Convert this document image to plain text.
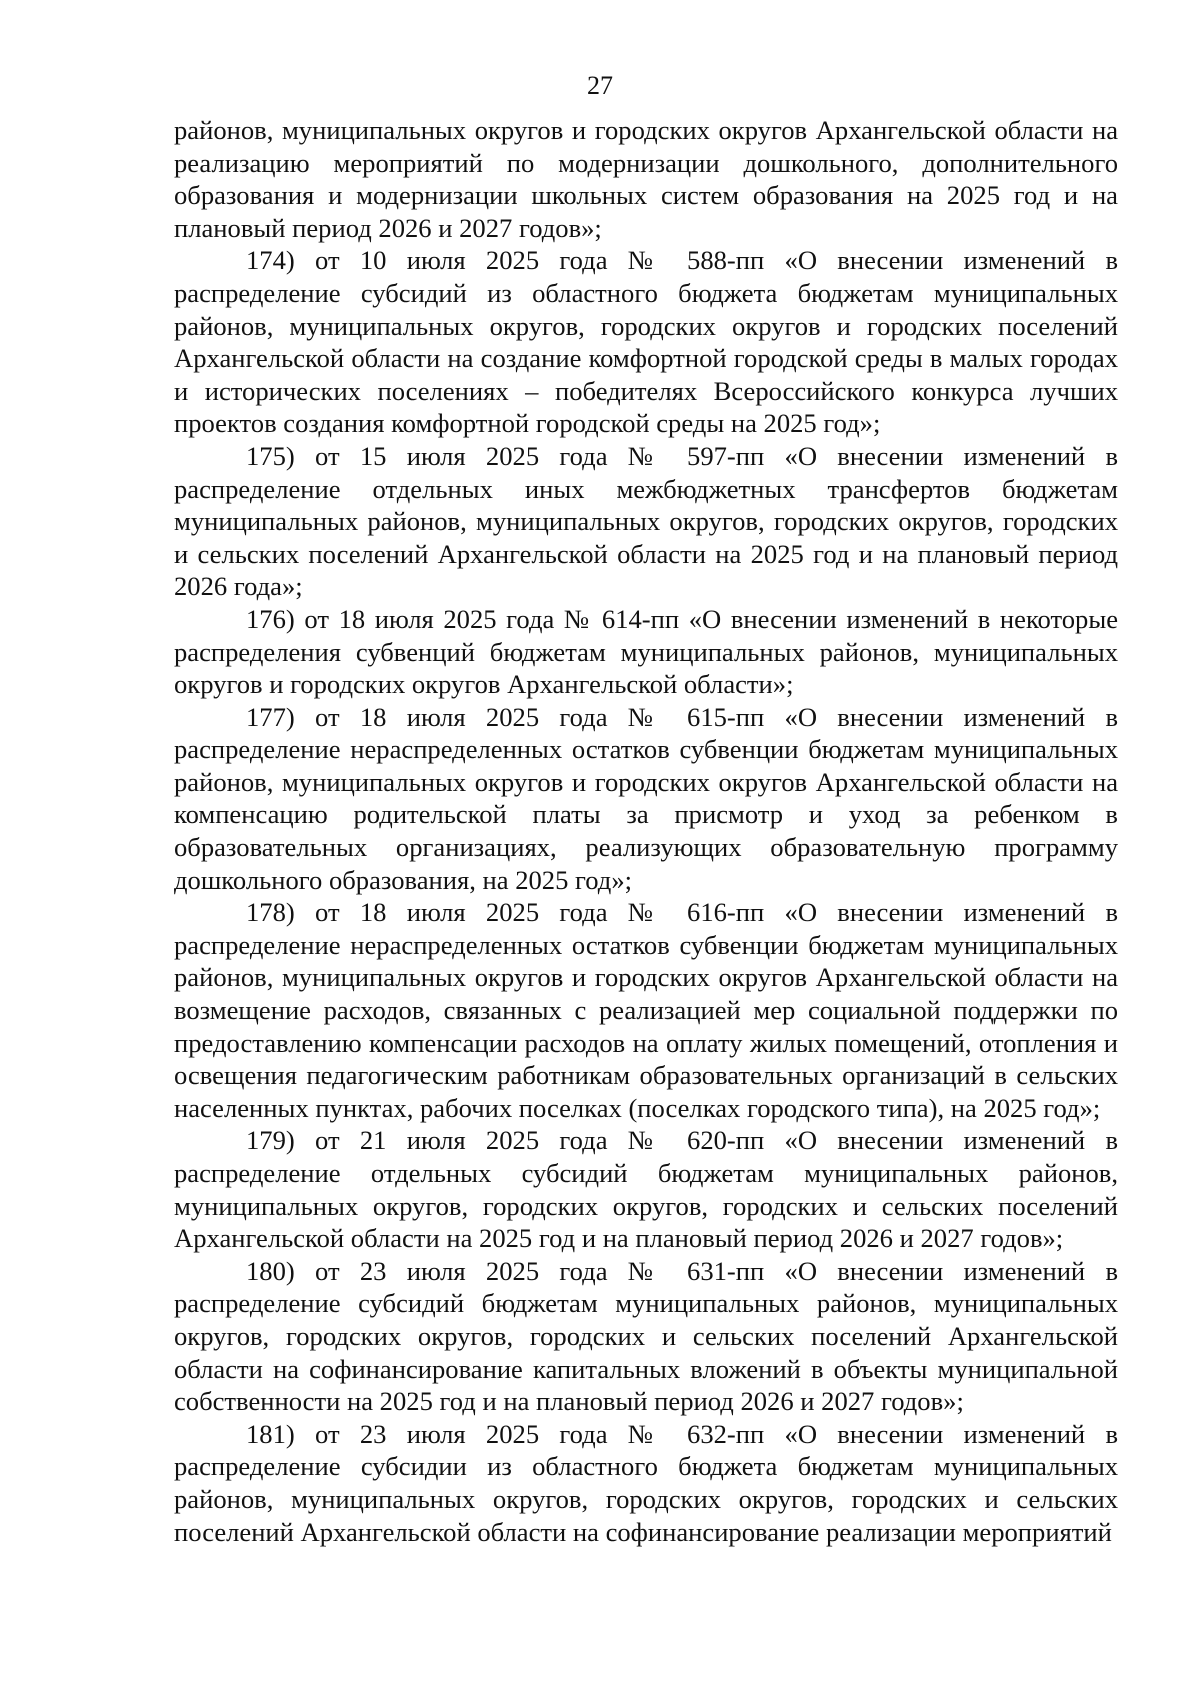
27

районов, муниципальных округов и городских округов Архангельской области на реализацию мероприятий по модернизации дошкольного, дополнительного образования и модернизации школьных систем образования на 2025 год и на плановый период 2026 и 2027 годов»;

174) от 10 июля 2025 года № 588-пп «О внесении изменений в распределение субсидий из областного бюджета бюджетам муниципальных районов, муниципальных округов, городских округов и городских поселений Архангельской области на создание комфортной городской среды в малых городах и исторических поселениях – победителях Всероссийского конкурса лучших проектов создания комфортной городской среды на 2025 год»;

175) от 15 июля 2025 года № 597-пп «О внесении изменений в распределение отдельных иных межбюджетных трансфертов бюджетам муниципальных районов, муниципальных округов, городских округов, городских и сельских поселений Архангельской области на 2025 год и на плановый период 2026 года»;

176) от 18 июля 2025 года № 614-пп «О внесении изменений в некоторые распределения субвенций бюджетам муниципальных районов, муниципальных округов и городских округов Архангельской области»;

177) от 18 июля 2025 года № 615-пп «О внесении изменений в распределение нераспределенных остатков субвенции бюджетам муниципальных районов, муниципальных округов и городских округов Архангельской области на компенсацию родительской платы за присмотр и уход за ребенком в образовательных организациях, реализующих образовательную программу дошкольного образования, на 2025 год»;

178) от 18 июля 2025 года № 616-пп «О внесении изменений в распределение нераспределенных остатков субвенции бюджетам муниципальных районов, муниципальных округов и городских округов Архангельской области на возмещение расходов, связанных с реализацией мер социальной поддержки по предоставлению компенсации расходов на оплату жилых помещений, отопления и освещения педагогическим работникам образовательных организаций в сельских населенных пунктах, рабочих поселках (поселках городского типа), на 2025 год»;

179) от 21 июля 2025 года № 620-пп «О внесении изменений в распределение отдельных субсидий бюджетам муниципальных районов, муниципальных округов, городских округов, городских и сельских поселений Архангельской области на 2025 год и на плановый период 2026 и 2027 годов»;

180) от 23 июля 2025 года № 631-пп «О внесении изменений в распределение субсидий бюджетам муниципальных районов, муниципальных округов, городских округов, городских и сельских поселений Архангельской области на софинансирование капитальных вложений в объекты муниципальной собственности на 2025 год и на плановый период 2026 и 2027 годов»;

181) от 23 июля 2025 года № 632-пп «О внесении изменений в распределение субсидии из областного бюджета бюджетам муниципальных районов, муниципальных округов, городских округов, городских и сельских поселений Архангельской области на софинансирование реализации мероприятий
